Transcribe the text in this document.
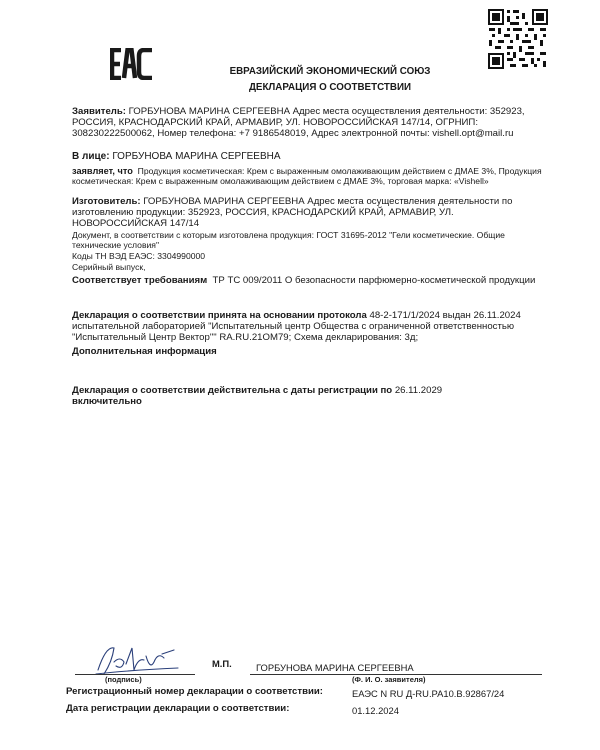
ЕВРАЗИЙСКИЙ ЭКОНОМИЧЕСКИЙ СОЮЗ
ДЕКЛАРАЦИЯ О СООТВЕТСТВИИ
Заявитель: ГОРБУНОВА МАРИНА СЕРГЕЕВНА Адрес места осуществления деятельности: 352923, РОССИЯ, КРАСНОДАРСКИЙ КРАЙ, АРМАВИР, УЛ. НОВОРОССИЙСКАЯ 147/14, ОГРНИП: 308230222500062, Номер телефона: +7 9186548019, Адрес электронной почты: vishell.opt@mail.ru
В лице: ГОРБУНОВА МАРИНА СЕРГЕЕВНА
заявляет, что Продукция косметическая: Крем с выраженным омолаживающим действием с ДМАЕ 3%, Продукция косметическая: Крем с выраженным омолаживающим действием с ДМАЕ 3%, торговая марка: «Vishell»
Изготовитель: ГОРБУНОВА МАРИНА СЕРГЕЕВНА Адрес места осуществления деятельности по изготовлению продукции: 352923, РОССИЯ, КРАСНОДАРСКИЙ КРАЙ, АРМАВИР, УЛ. НОВОРОССИЙСКАЯ 147/14
Документ, в соответствии с которым изготовлена продукция: ГОСТ 31695-2012 "Гели косметические. Общие технические условия"
Коды ТН ВЭД ЕАЭС: 3304990000
Серийный выпуск,
Соответствует требованиям ТР ТС 009/2011 О безопасности парфюмерно-косметической продукции
Декларация о соответствии принята на основании протокола 48-2-171/1/2024 выдан 26.11.2024 испытательной лабораторией "Испытательный центр Общества с ограниченной ответственностью "Испытательный Центр Вектор"" RA.RU.21ОМ79; Схема декларирования: 3д;
Дополнительная информация
Декларация о соответствии действительна с даты регистрации по 26.11.2029
включительно
(подпись)
М.П.	ГОРБУНОВА МАРИНА СЕРГЕЕВНА
(Ф. И. О. заявителя)
Регистрационный номер декларации о соответствии:	ЕАЭС N RU Д-RU.PA10.B.92867/24
Дата регистрации декларации о соответствии:	01.12.2024
